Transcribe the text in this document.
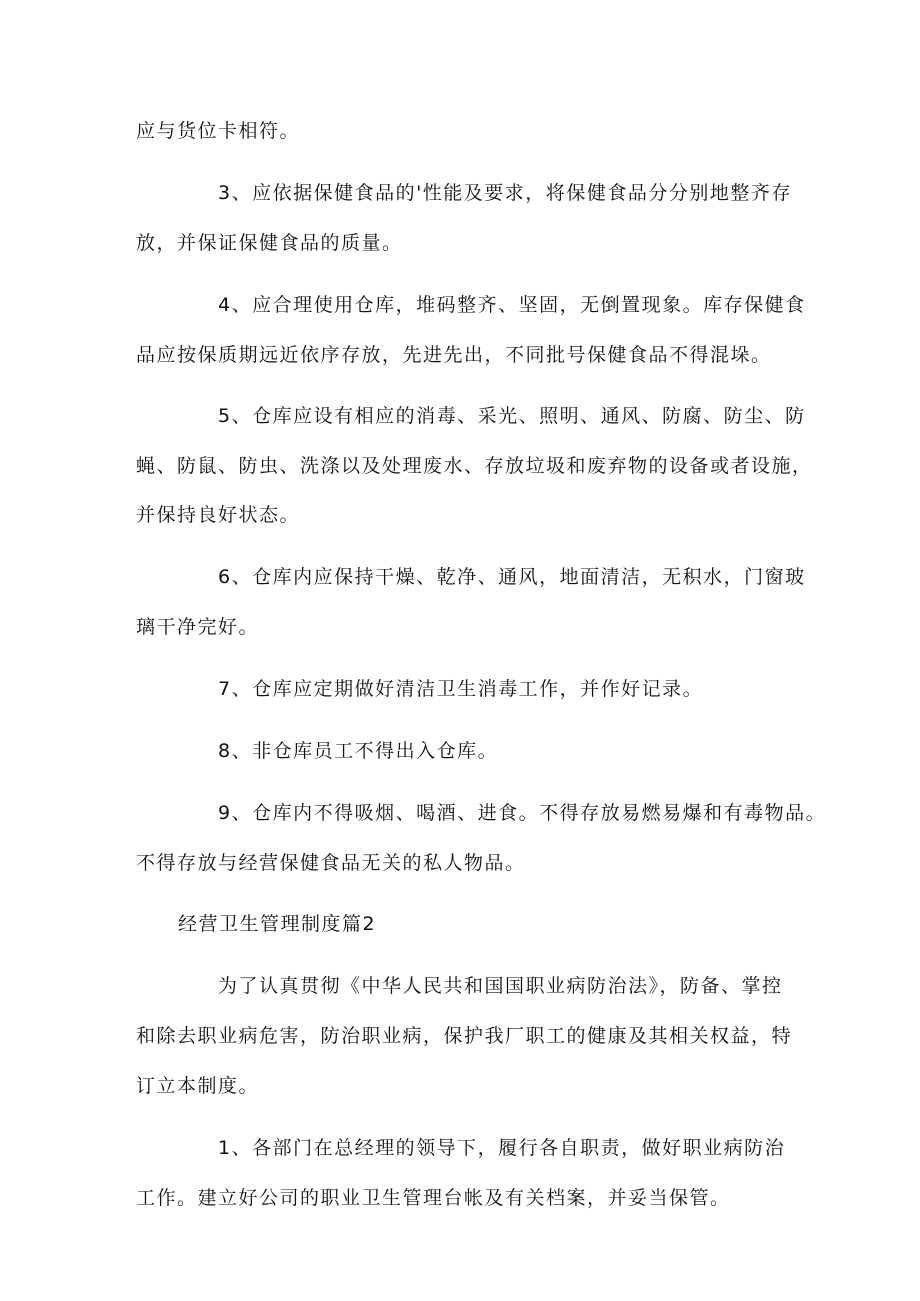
应与货位卡相符。

3、应依据保健食品的'性能及要求，将保健食品分分别地整齐存

放，并保证保健食品的质量。

4、应合理使用仓库，堆码整齐、坚固，无倒置现象。库存保健食

品应按保质期远近依序存放，先进先出，不同批号保健食品不得混垛。

5、仓库应设有相应的消毒、采光、照明、通风、防腐、防尘、防

蝇、防鼠、防虫、洗涤以及处理废水、存放垃圾和废弃物的设备或者设施，

并保持良好状态。

6、仓库内应保持干燥、乾净、通风，地面清洁，无积水，门窗玻

璃干净完好。

7、仓库应定期做好清洁卫生消毒工作，并作好记录。

8、非仓库员工不得出入仓库。

9、仓库内不得吸烟、喝酒、进食。不得存放易燃易爆和有毒物品。

不得存放与经营保健食品无关的私人物品。

经营卫生管理制度篇2

为了认真贯彻《中华人民共和国国职业病防治法》，防备、掌控

和除去职业病危害，防治职业病，保护我厂职工的健康及其相关权益，特

订立本制度。

1、各部门在总经理的领导下，履行各自职责，做好职业病防治

工作。建立好公司的职业卫生管理台帐及有关档案，并妥当保管。
